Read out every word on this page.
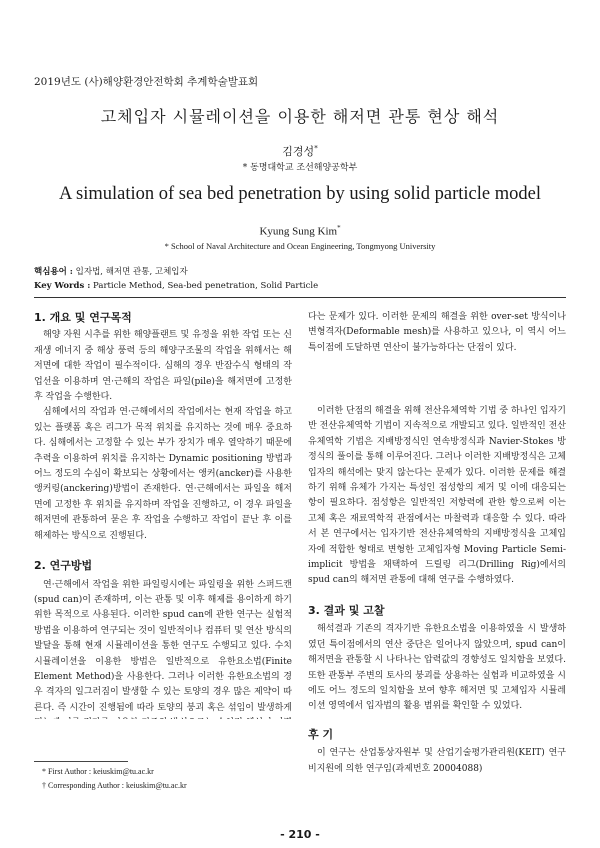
2019년도 (사)해양환경안전학회 추계학술발표회
고체입자 시뮬레이션을 이용한 해저면 관통 현상 해석
김경성*
* 동명대학교 조선해양공학부
A simulation of sea bed penetration by using solid particle model
Kyung Sung Kim*
* School of Naval Architecture and Ocean Engineering, Tongmyong University
핵심용어 : 입자법, 해저면 관통, 고체입자
Key Words : Particle Method, Sea-bed penetration, Solid Particle
1. 개요 및 연구목적

해양 자원 시추를 위한 해양플랜트 및 유정을 위한 작업 또는 신재생 에너지 중 해상 풍력 등의 해양구조물의 작업을 위해서는 해저면에 대한 작업이 필수적이다. 심해의 경우 반잠수식 형태의 작업선을 이용하며 연·근해의 작업은 파일(pile)을 해저면에 고정한 후 작업을 수행한다.

심해에서의 작업과 연·근해에서의 작업에서는 현재 작업을 하고 있는 플랫폼 혹은 리그가 목적 위치를 유지하는 것에 매우 중요하다. 심해에서는 고정할 수 있는 부가 장치가 매우 열악하기 때문에 추력을 이용하여 위치를 유지하는 Dynamic positioning 방법과 어느 정도의 수심이 확보되는 상황에서는 앵커(ancker)를 사용한 앵커링(anckering)방법이 존재한다. 연·근해에서는 파일을 해저면에 고정한 후 위치를 유지하며 작업을 진행하고, 이 경우 파일을 해저면에 관통하여 묻은 후 작업을 수행하고 작업이 끝난 후 이를 해제하는 방식으로 진행된다.

2. 연구방법

연·근해에서 작업을 위한 파일링시에는 파일링을 위한 스퍼드캔(spud can)이 존재하며, 이는 관통 및 이후 해제를 용이하게 하기 위한 목적으로 사용된다. 이러한 spud can에 관한 연구는 실험적 방법을 이용하여 연구되는 것이 일반적이나 컴퓨터 및 연산 방식의 발달을 통해 현재 시뮬레이션을 통한 연구도 수행되고 있다. 수치 시뮬레이션을 이용한 방법은 일반적으로 유한요소법(Finite Element Method)을 사용한다. 그러나 이러한 유한요소법의 경우 격자의 일그러짐이 발생할 수 있는 토양의 경우 많은 제약이 따른다. 즉 시간이 진행됨에 따라 토양의 붕괴 혹은 섞임이 발생하게

다는 문제가 있다. 이러한 문제의 해결을 위한 over-set 방식이나 변형격자(Deformable mesh)를 사용하고 있으나, 이 역시 어느 특이점에 도달하면 연산이 불가능하다는 단점이 있다.

이러한 단점의 해결을 위해 전산유체역학 기법 중 하나인 입자기반 전산유체역학 기법이 지속적으로 개발되고 있다. 일반적인 전산유체역학 기법은 지배방정식인 연속방정식과 Navier-Stokes 방정식의 풀이를 통해 이루어진다. 그러나 이러한 지배방정식은 고체입자의 해석에는 맞지 않는다는 문제가 있다. 이러한 문제를 해결하기 위해 유체가 가지는 특성인 점성항의 제거 및 이에 대응되는 항이 필요하다. 점성항은 일반적인 저항력에 관한 항으로써 이는 고체 혹은 재료역학적 관점에서는 마찰력과 대응할 수 있다. 따라서 본 연구에서는 입자기반 전산유체역학의 지배방정식을 고체입자에 적합한 형태로 변형한 고체입자형 Moving Particle Semi-implicit 방법을 채택하여 드릴링 리그(Drilling Rig)에서의 spud can의 해저면 관통에 대해 연구를 수행하였다.

3. 결과 및 고찰

해석결과 기존의 격자기반 유한요소법을 이용하였을 시 발생하였던 특이점에서의 연산 중단은 일어나지 않았으며, spud can이 해저면을 관통할 시 나타나는 압력값의 경향성도 일치함을 보였다. 또한 관통부 주변의 토사의 붕괴를 상용하는 실험과 비교하였을 시에도 어느 정도의 일치함을 보여 향후 해저면 및 고체입자 시뮬레이션 영역에서 입자법의 활용 범위를 확인할 수 있었다.

후 기

이 연구는 산업통상자원부 및 산업기술평가관리원(KEIT) 연구비지원에 의한 연구임(과제번호 20004088)

* First Author : keiuskim@tu.ac.kr
† Corresponding Author : keiuskim@tu.ac.kr
- 210 -
